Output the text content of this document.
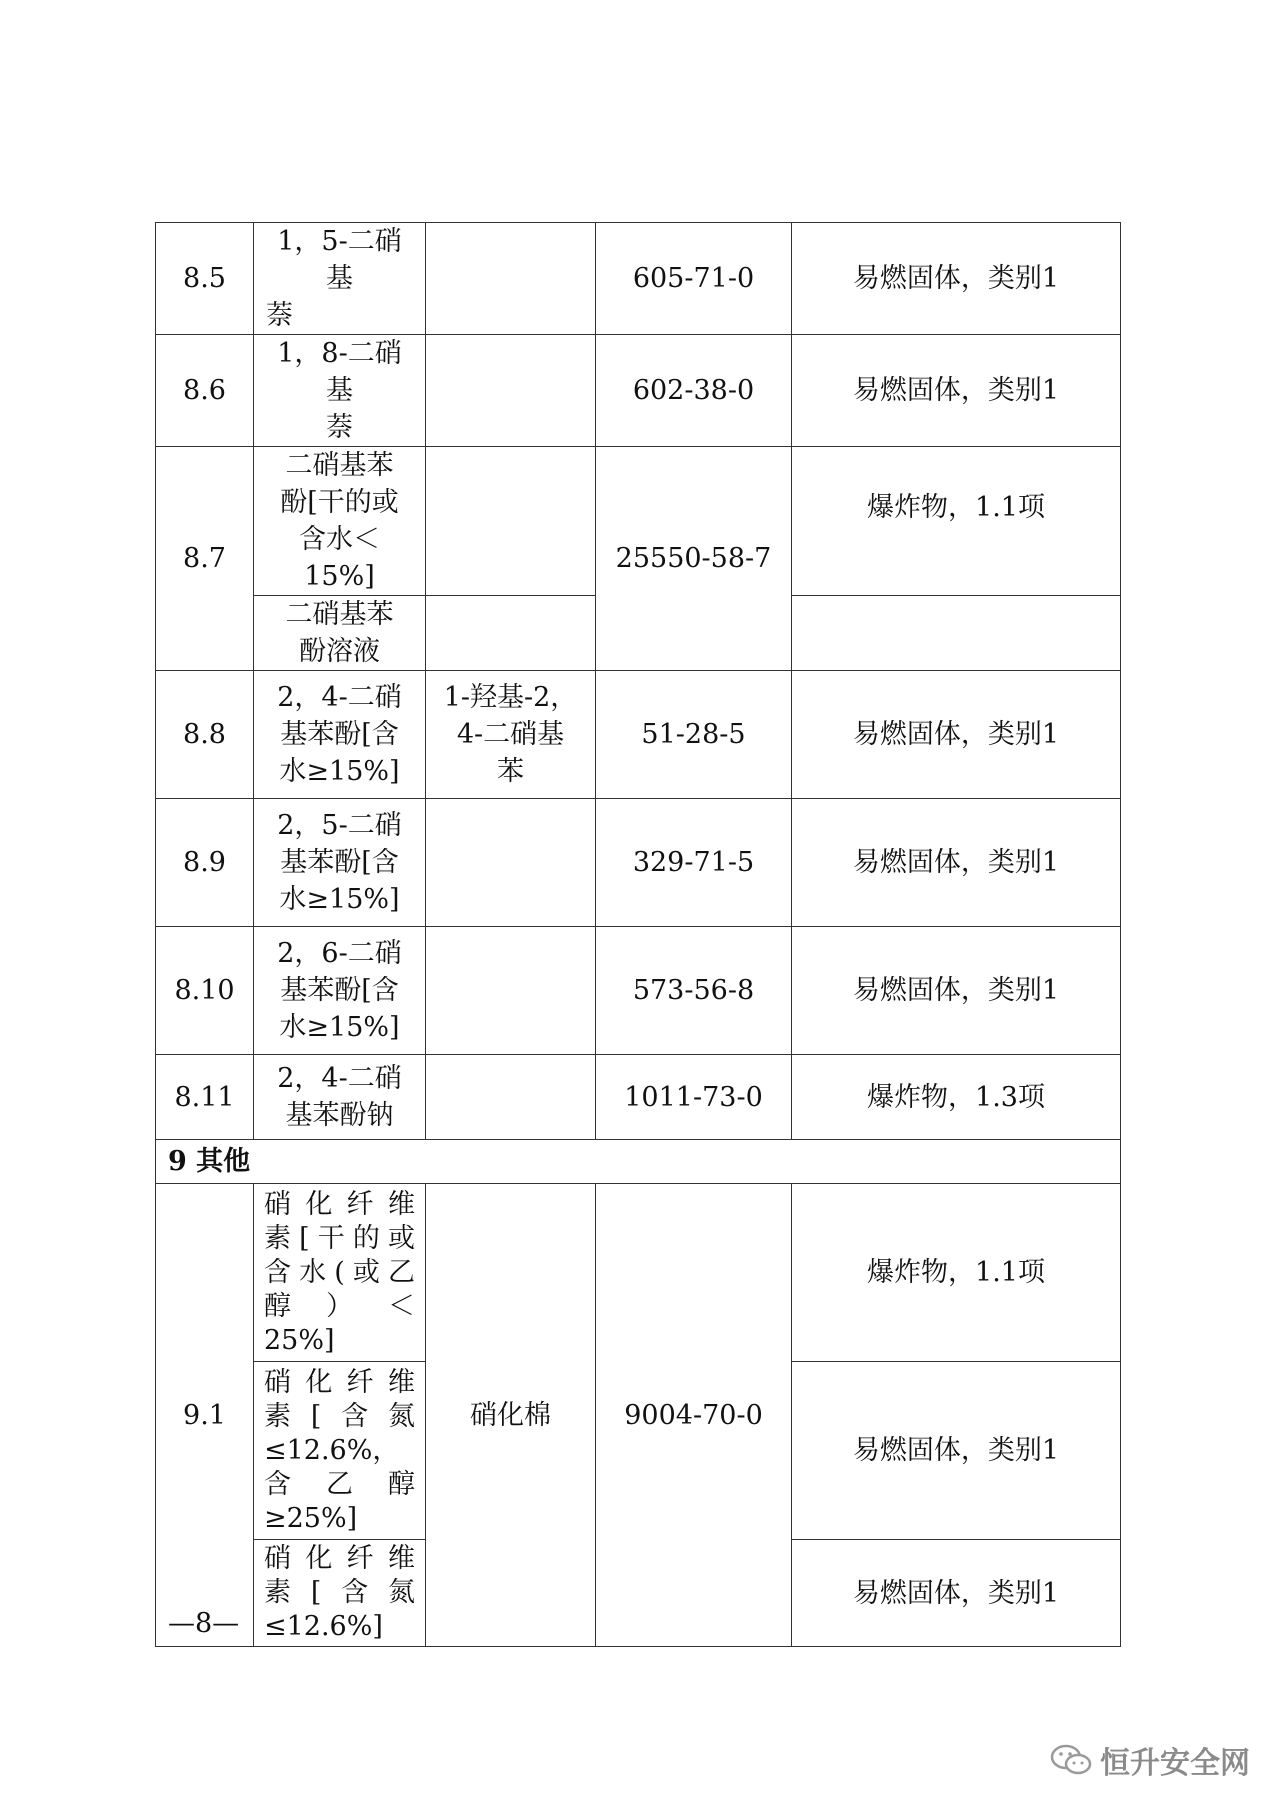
8.5	1，5-二硝基
萘		605-71-0	易燃固体，类别1
8.6	1，8-二硝基
萘		602-38-0	易燃固体，类别1
8.7	二硝基苯
酚[干的或
含水＜
15%]		25550-58-7	爆炸物，1.1项

	二硝基苯
酚溶液			

8.8	2，4-二硝
基苯酚[含
水≥15%]	1-羟基-2，
4-二硝基
苯	51-28-5	易燃固体，类别1
8.9	2，5-二硝
基苯酚[含
水≥15%]		329-71-5	易燃固体，类别1
8.10	2，6-二硝
基苯酚[含
水≥15%]		573-56-8	易燃固体，类别1
8.11	2，4-二硝
基苯酚钠		1011-73-0	爆炸物，1.3项
9 其他				
9.1	硝化纤维
素[干的或
含水(或乙
醇）＜
25%]	硝化棉	9004-70-0	爆炸物，1.1项

	硝化纤维
素[含氮
≤12.6%，
含乙醇
≥25%]			易燃固体，类别1

	硝化纤维
素[含氮
≤12.6%]			易燃固体，类别1
—8—
恒升安全网
